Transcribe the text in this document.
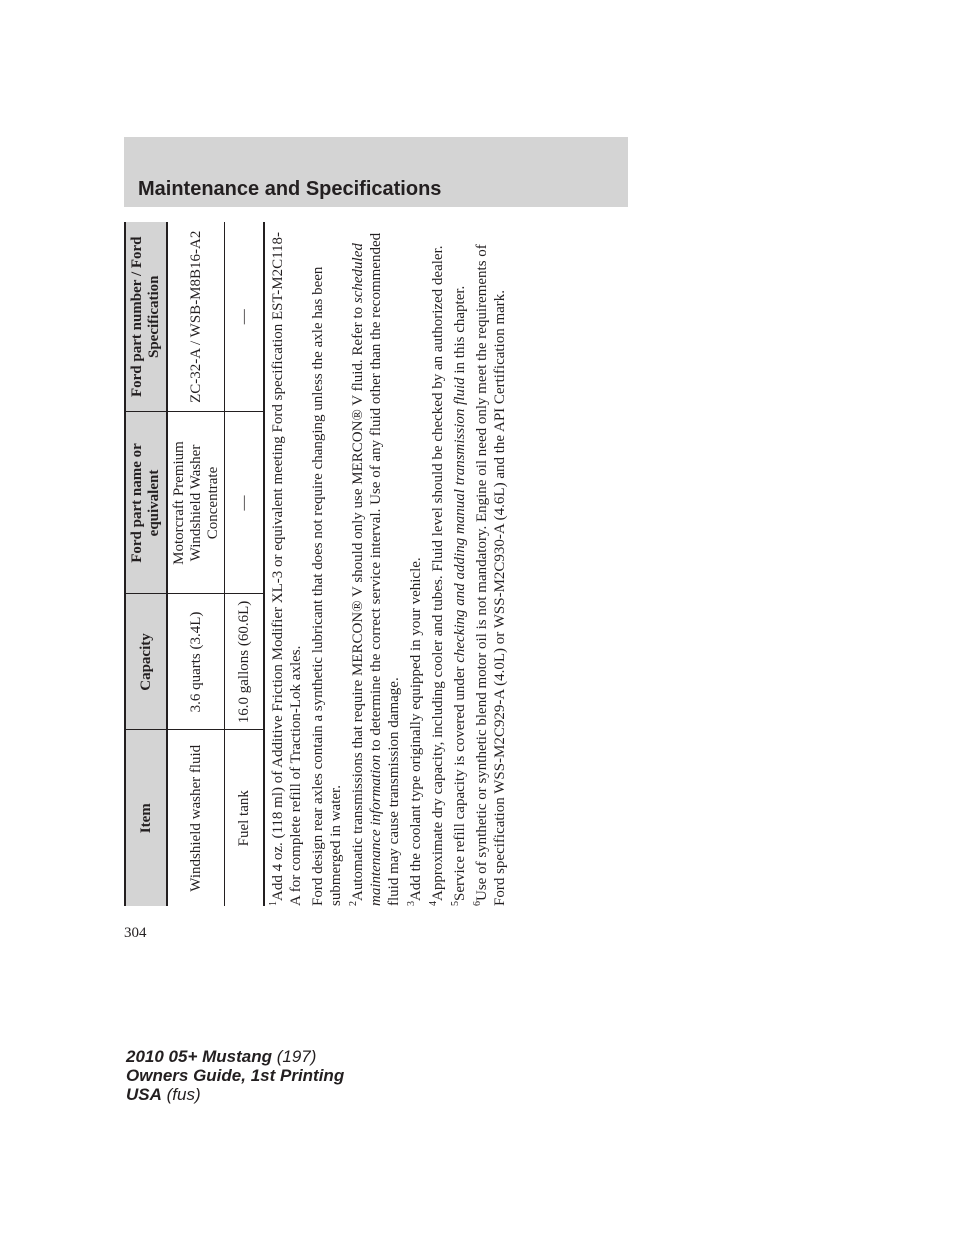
Maintenance and Specifications
Item	Capacity	Ford part name or equivalent	Ford part number / Ford Specification
Windshield washer fluid	3.6 quarts (3.4L)	Motorcraft Premium Windshield Washer Concentrate	ZC-32-A / WSB-M8B16-A2
Fuel tank	16.0 gallons (60.6L)	—	—

$^1$Add 4 oz. (118 ml) of Additive Friction Modifier XL-3 or equivalent meeting Ford specification EST-M2C118-A for complete refill of Traction-Lok axles. Ford design rear axles contain a synthetic lubricant that does not require changing unless the axle has been submerged in water. $^2$Automatic transmissions that require MERCON® V should only use MERCON® V fluid. Refer to scheduled maintenance information to determine the correct service interval. Use of any fluid other than the recommended fluid may cause transmission damage. $^3$Add the coolant type originally equipped in your vehicle.

$^4$Approximate dry capacity, including cooler and tubes. Fluid level should be checked by an authorized dealer.

$^5$Service refill capacity is covered under checking and adding manual transmission fluid in this chapter.

$^6$Use of synthetic or synthetic blend motor oil is not mandatory. Engine oil need only meet the requirements of Ford specification WSS-M2C929-A (4.0L) or WSS-M2C930-A (4.6L) and the API Certification mark.

304
2010 05+ Mustang (197)
Owners Guide, 1st Printing
USA (fus)
